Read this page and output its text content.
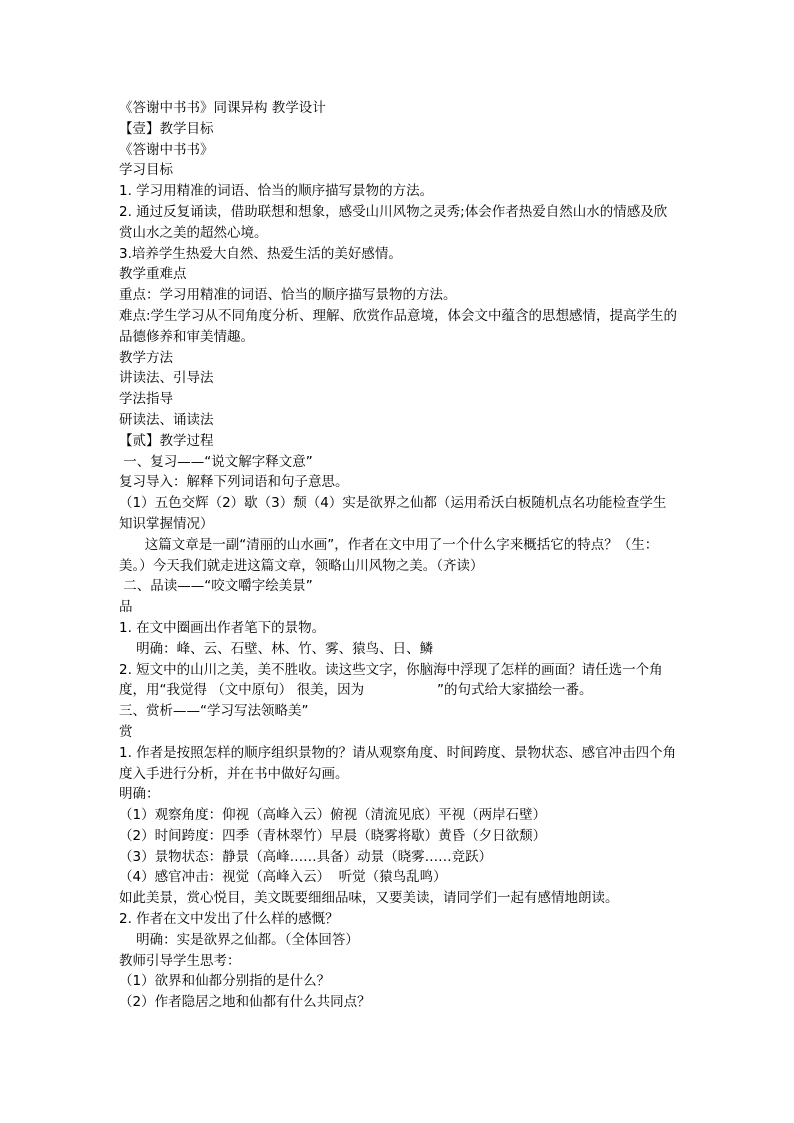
《答谢中书书》同课异构 教学设计

【壹】教学目标

《答谢中书书》

学习目标

1. 学习用精准的词语、恰当的顺序描写景物的方法。

2. 通过反复诵读，借助联想和想象，感受山川风物之灵秀;体会作者热爱自然山水的情感及欣赏山水之美的超然心境。

3.培养学生热爱大自然、热爱生活的美好感情。

教学重难点

重点：学习用精准的词语、恰当的顺序描写景物的方法。

难点:学生学习从不同角度分析、理解、欣赏作品意境，体会文中蕴含的思想感情，提高学生的品德修养和审美情趣。

教学方法

讲读法、引导法

学法指导

研读法、诵读法

【贰】教学过程

一、复习——“说文解字释文意”

复习导入：解释下列词语和句子意思。

（1）五色交辉（2）歇（3）颓（4）实是欲界之仙都（运用希沃白板随机点名功能检查学生知识掌握情况）

这篇文章是一副“清丽的山水画”，作者在文中用了一个什么字来概括它的特点？（生：美。）今天我们就走进这篇文章，领略山川风物之美。（齐读）

二、品读——“咬文嚼字绘美景”

品

1. 在文中圈画出作者笔下的景物。

明确：峰、云、石壁、林、竹、雾、猿鸟、日、鳞

2. 短文中的山川之美，美不胜收。读这些文字，你脑海中浮现了怎样的画面？请任选一个角度，用“我觉得 （文中原句） 很美，因为                 ”的句式给大家描绘一番。

三、赏析——“学习写法领略美”

赏

1. 作者是按照怎样的顺序组织景物的？请从观察角度、时间跨度、景物状态、感官冲击四个角度入手进行分析，并在书中做好勾画。

明确：

（1）观察角度：仰视（高峰入云）俯视（清流见底）平视（两岸石壁）

（2）时间跨度：四季（青林翠竹）早晨（晓雾将歇）黄昏（夕日欲颓）

（3）景物状态：静景（高峰……具备）动景（晓雾……竞跃）

（4）感官冲击：视觉（高峰入云）  听觉（猿鸟乱鸣）

如此美景，赏心悦目，美文既要细细品味，又要美读，请同学们一起有感情地朗读。

2. 作者在文中发出了什么样的感慨？

明确：实是欲界之仙都。（全体回答）

教师引导学生思考：

（1）欲界和仙都分别指的是什么？

（2）作者隐居之地和仙都有什么共同点？
